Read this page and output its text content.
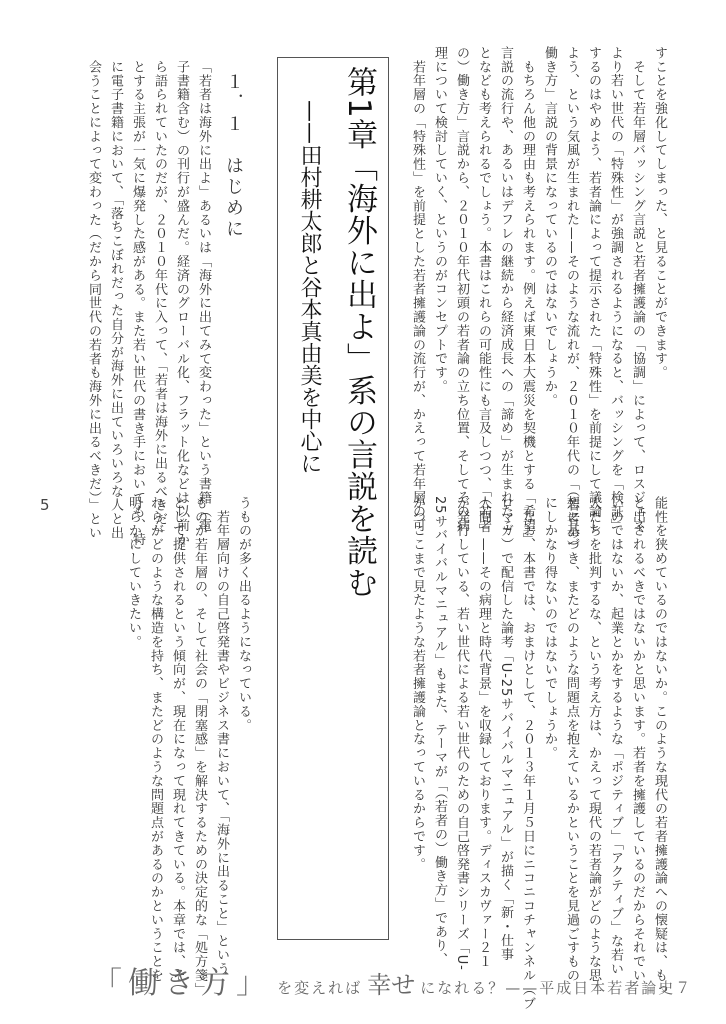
第1章「海外に出よ」系の言説を読む
——田村耕太郎と谷本真由美を中心に	すことを強化してしまった、と見ることができます。
　そして若年層バッシング言説と若者擁護論の「協調」によって、ロスジェネ
より若い世代の「特殊性」が強調されるようになると、バッシングを「検証」
するのはやめよう、若者論によって提示された「特殊性」を前提にして議論し
よう、という気風が生まれた——そのような流れが、２０１０年代の「（若者の）
働き方」言説の背景になっているのではないでしょうか。
　もちろん他の理由も考えられます。例えば東日本大震災を契機とする「希望」
言説の流行や、あるいはデフレの継続から経済成長への「諦め」が生まれたこ
となども考えられるでしょう。本書はこれらの可能性にも言及しつつ、「（若者
の）働き方」言説から、２０１０年代初頭の若者論の立ち位置、そしてその病
理について検討していく、というのがコンセプトです。
　若年層の「特殊性」を前提とした若者擁護論の流行が、かえって若年層の可
能性を狭めているのではないか。このような現代の若者擁護論への懐疑は、もっ
と出されるべきではないかと思います。若者を擁護しているのだからそれでい
いのではないか、起業とかをするような「ポジティブ」「アクティブ」な若い
人たちを批判するな、という考え方は、かえって現代の若者論がどのような思
想に基づき、またどのような問題点を抱えているかということを見過ごすもの
にしかなり得ないのではないでしょうか。
　なお、本書では、おまけとして、２０１３年１月５日にニコニコチャンネル（ブ
ロマガ）で配信した論考「U-25サバイバルマニュアル」が描く「新・仕事
人間」——その病理と時代背景」を収録しております。ディスカヴァー２１
が発行している、若い世代による若い世代のための自己啓発書シリーズ「U-
25サバイバルマニュアル」もまた、テーマが「（若者の）働き方」であり、
かつここまで見たような若者擁護論となっているからです。
１．１　はじめに
「若者は海外に出よ」あるいは「海外に出てみて変わった」という書籍（電
子書籍含む）の刊行が盛んだ。経済のグローバル化、フラット化などは以前か
ら語られていたのだが、２０１０年代に入って、「若者は海外に出るべきだ」
とする主張が一気に爆発した感がある。また若い世代の書き手においても、特
に電子書籍において、「落ちこぼれだった自分が海外に出ていろいろな人と出
会うことによって変わった（だから同世代の若者も海外に出るべきだ）」とい
うものが多く出るようになっている。
　若年層向けの自己啓発書やビジネス書において、「海外に出ること」という
ものが若年層の、そして社会の「閉塞感」を解決するための決定的な「処方箋」
として提供されるという傾向が、現在になって現れてきている。本章では、そ
れらがどのような構造を持ち、またどのような問題点があるのかということを
明らかにしていきたい。
5
「働き方」 を変えれば 幸せ になれる？——平成日本若者論史７
